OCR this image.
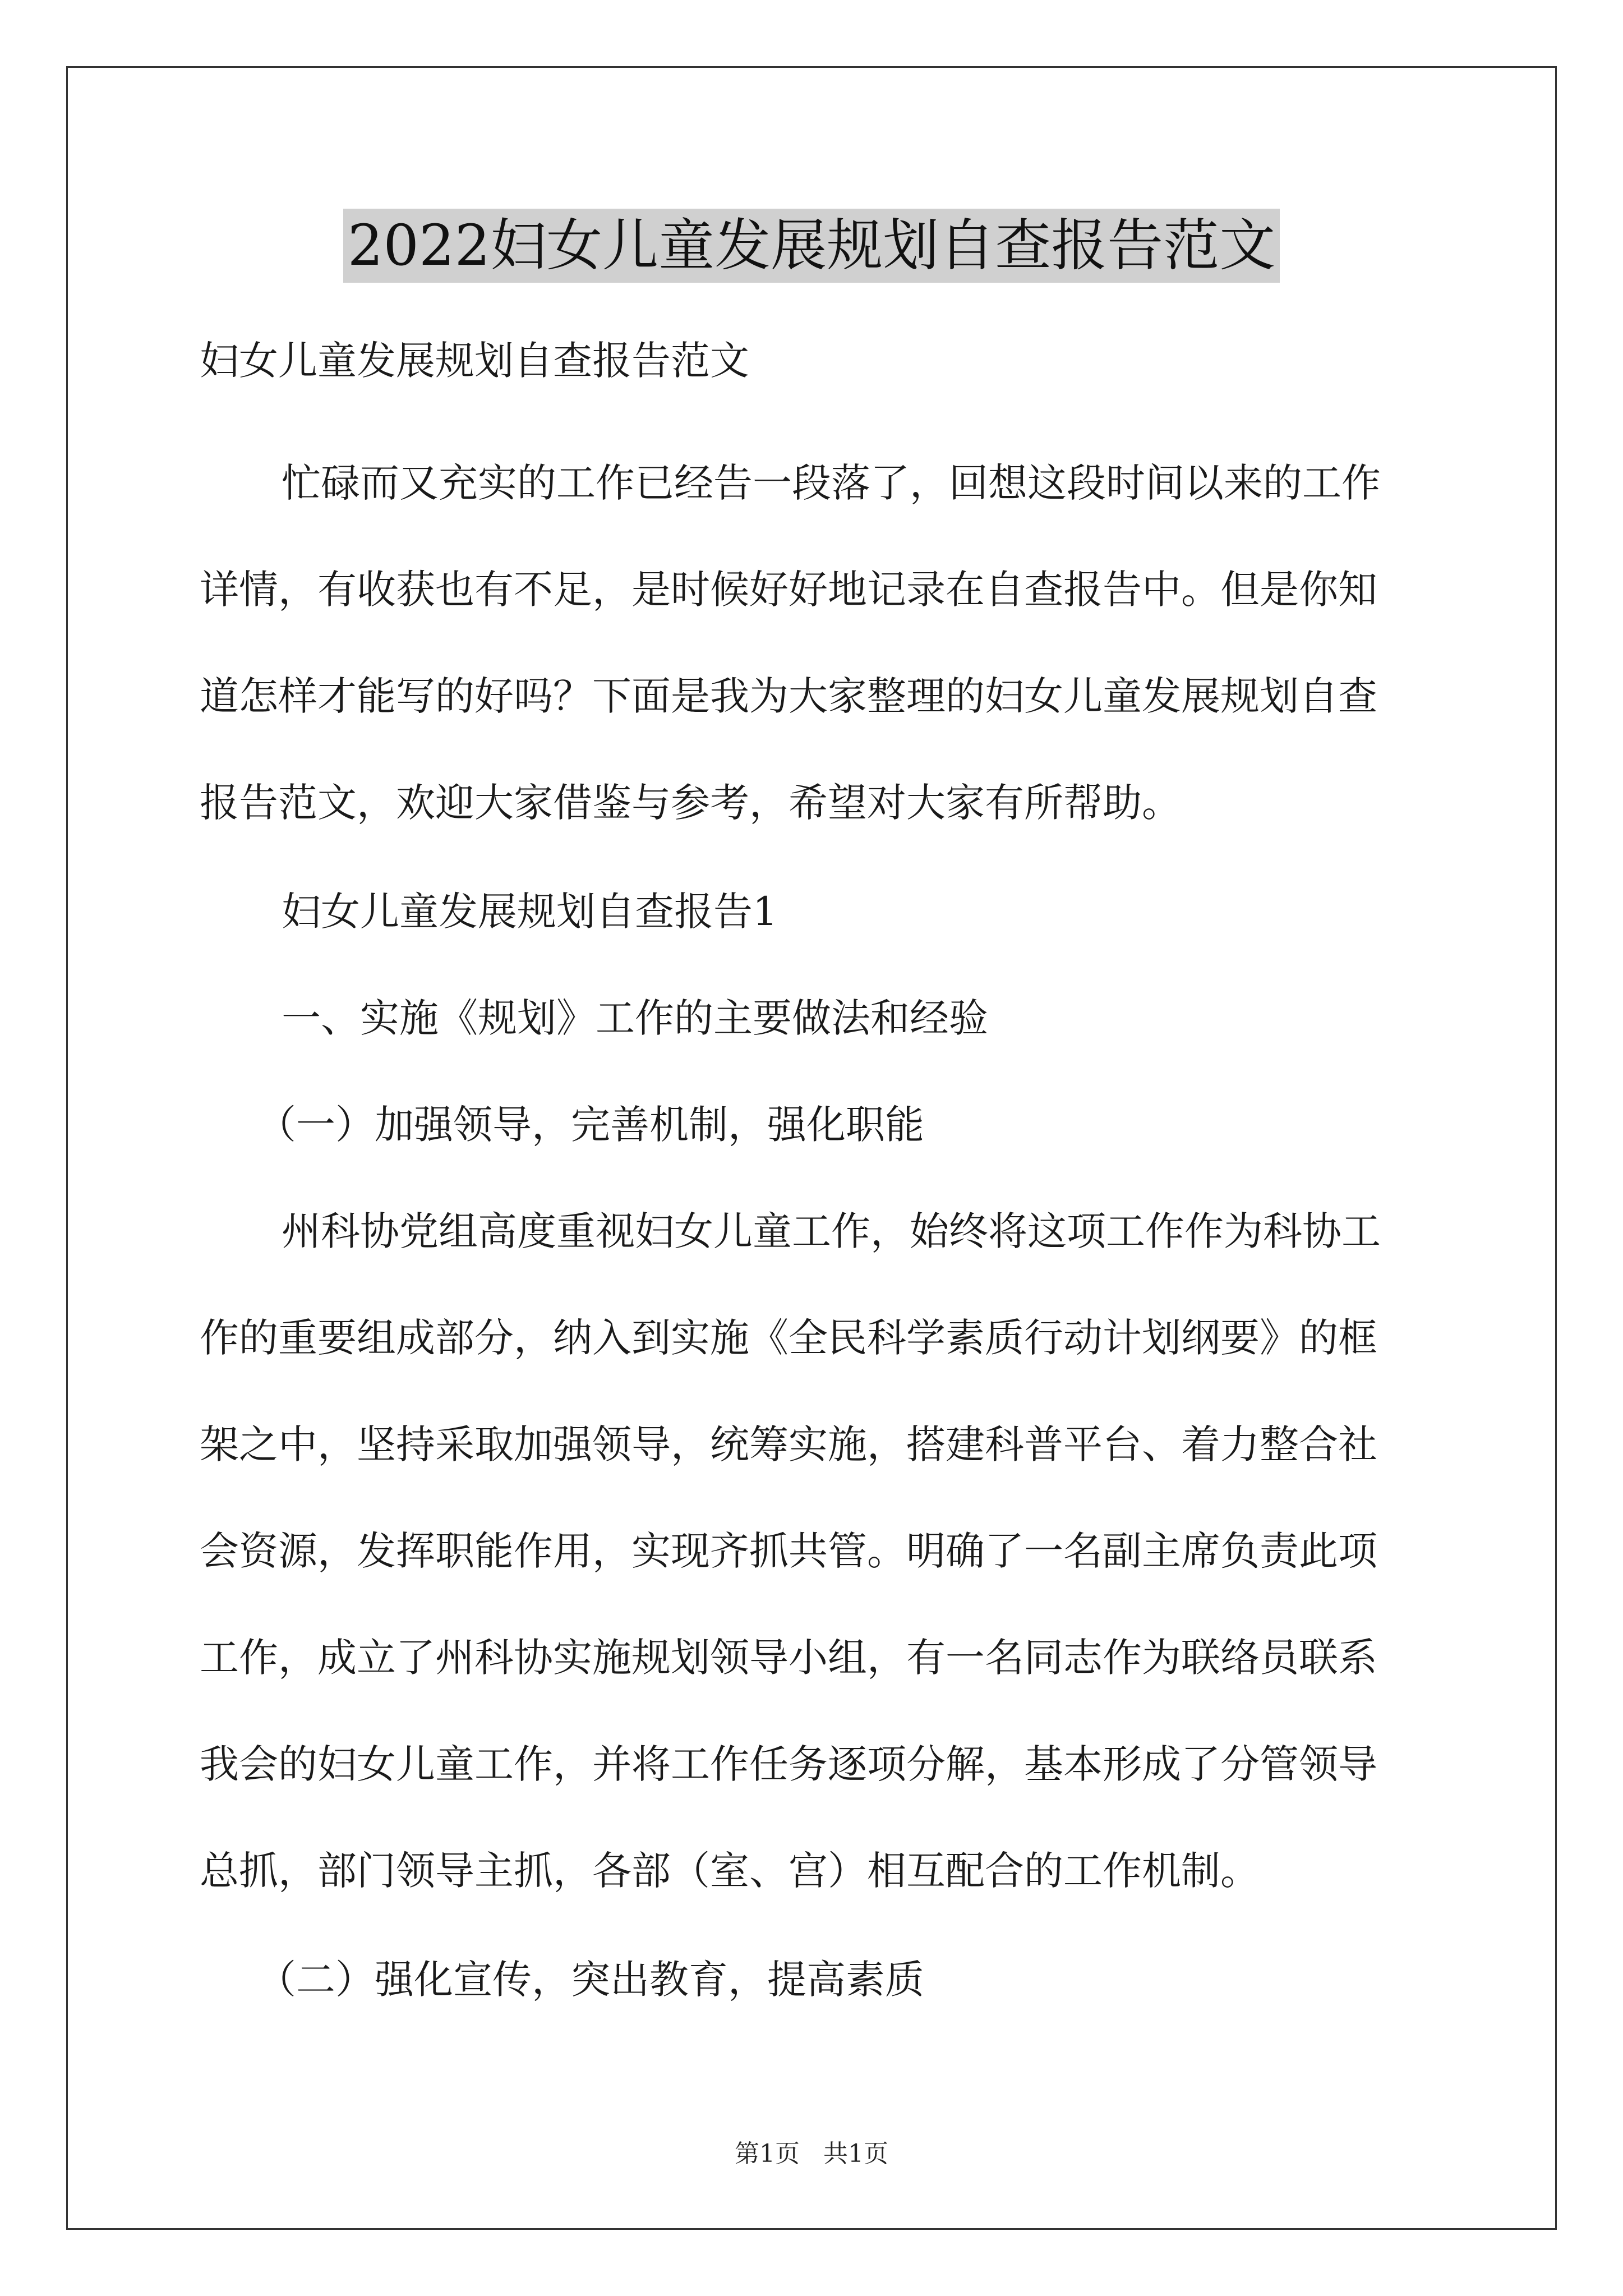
2022妇女儿童发展规划自查报告范文
妇女儿童发展规划自查报告范文
忙碌而又充实的工作已经告一段落了，回想这段时间以来的工作
详情，有收获也有不足，是时候好好地记录在自查报告中。但是你知
道怎样才能写的好吗？下面是我为大家整理的妇女儿童发展规划自查
报告范文，欢迎大家借鉴与参考，希望对大家有所帮助。
妇女儿童发展规划自查报告1
一、实施《规划》工作的主要做法和经验
（一）加强领导，完善机制，强化职能
州科协党组高度重视妇女儿童工作，始终将这项工作作为科协工
作的重要组成部分，纳入到实施《全民科学素质行动计划纲要》的框
架之中，坚持采取加强领导，统筹实施，搭建科普平台、着力整合社
会资源，发挥职能作用，实现齐抓共管。明确了一名副主席负责此项
工作，成立了州科协实施规划领导小组，有一名同志作为联络员联系
我会的妇女儿童工作，并将工作任务逐项分解，基本形成了分管领导
总抓，部门领导主抓，各部（室、宫）相互配合的工作机制。
（二）强化宣传，突出教育，提高素质
第1页 共1页
